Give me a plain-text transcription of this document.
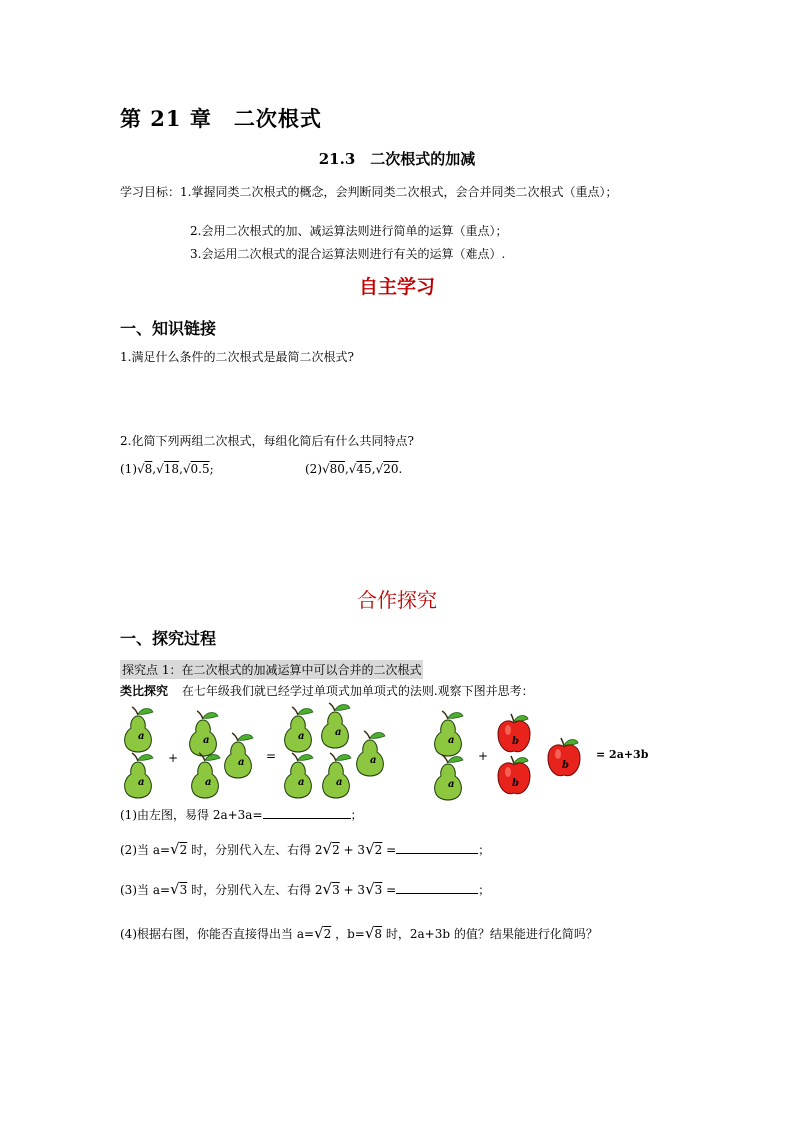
第 21 章　二次根式
21.3　二次根式的加减
学习目标：1.掌握同类二次根式的概念，会判断同类二次根式，会合并同类二次根式（重点）；
2.会用二次根式的加、减运算法则进行简单的运算（重点）；
3.会运用二次根式的混合运算法则进行有关的运算（难点）.
自主学习
一、知识链接
1.满足什么条件的二次根式是最简二次根式?
2.化简下列两组二次根式，每组化简后有什么共同特点?
(1)√8,√18,√0.5;	(2)√80,√45,√20.
合作探究
一、探究过程
探究点 1：在二次根式的加减运算中可以合并的二次根式
类比探究 在七年级我们就已经学过单项式加单项式的法则.观察下图并思考：
a
a
+
a
a
a =
a	a
a	a
a
a
a
+
b
b
b
= 2a+3b
(1)由左图，易得 2a+3a=	；
(2)当 a=√2 时，分别代入左、右得 2√2 + 3√2 =	；
(3)当 a=√3 时，分别代入左、右得 2√3 + 3√3 =	；
(4)根据右图，你能否直接得出当 a=√2 ，b=√8 时，2a+3b 的值？结果能进行化简吗？
